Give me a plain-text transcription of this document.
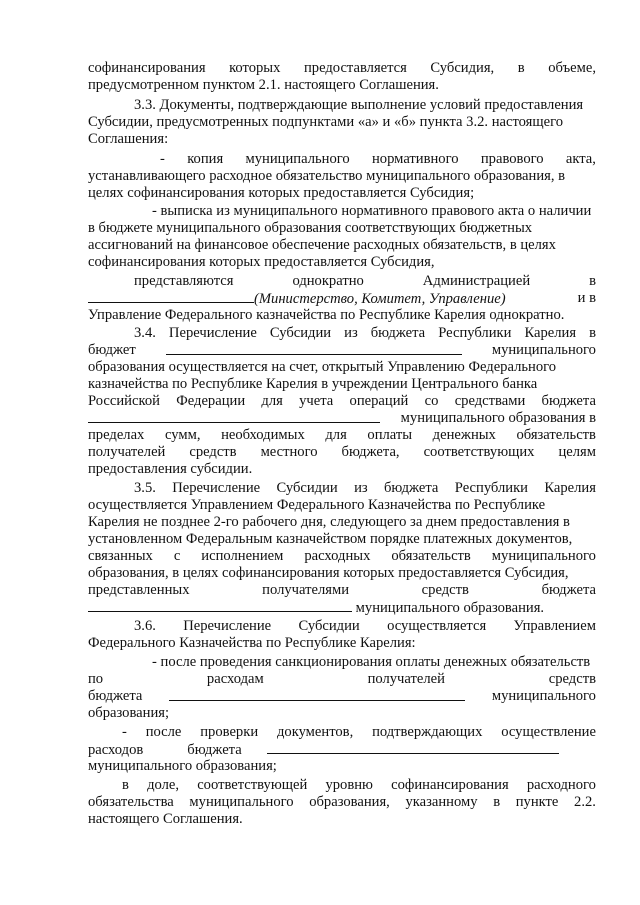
софинансирования которых предоставляется Субсидия, в объеме,
предусмотренном пунктом 2.1. настоящего Соглашения.
3.3. Документы, подтверждающие выполнение условий предоставления
Субсидии, предусмотренных подпунктами «а» и «б» пункта 3.2. настоящего
Соглашения:
- копия муниципального нормативного правового акта,
устанавливающего расходное обязательство муниципального образования, в
целях софинансирования которых предоставляется Субсидия;
- выписка из муниципального нормативного правового акта о наличии
в бюджете муниципального образования соответствующих бюджетных
ассигнований на финансовое обеспечение расходных обязательств, в целях
софинансирования которых предоставляется Субсидия,
представляются	однократно	Администрацией	в
(Министерство, Комитет, Управление)	и в
Управление Федерального казначейства по Республике Карелия однократно.
3.4. Перечисление Субсидии из бюджета Республики Карелия в
бюджет	муниципального
образования осуществляется на счет, открытый Управлению Федерального
казначейства по Республике Карелия в учреждении Центрального банка
Российской Федерации для учета операций со средствами бюджета
муниципального образования в
пределах сумм, необходимых для оплаты денежных обязательств
получателей средств местного бюджета, соответствующих целям
предоставления субсидии.
3.5. Перечисление Субсидии из бюджета Республики Карелия
осуществляется Управлением Федерального Казначейства по Республике
Карелия не позднее 2-го рабочего дня, следующего за днем предоставления в
установленном Федеральным казначейством порядке платежных документов,
связанных с исполнением расходных обязательств муниципального
образования, в целях софинансирования которых предоставляется Субсидия,
представленных	получателями	средств	бюджета
муниципального образования.
3.6. Перечисление Субсидии осуществляется Управлением
Федерального Казначейства по Республике Карелия:
- после проведения санкционирования оплаты денежных обязательств
по	расходам	получателей	средств
бюджета	муниципального
образования;
- после проверки документов, подтверждающих осуществление
расходов	бюджета
муниципального образования;
в доле, соответствующей уровню софинансирования расходного
обязательства муниципального образования, указанному в пункте 2.2.
настоящего Соглашения.
